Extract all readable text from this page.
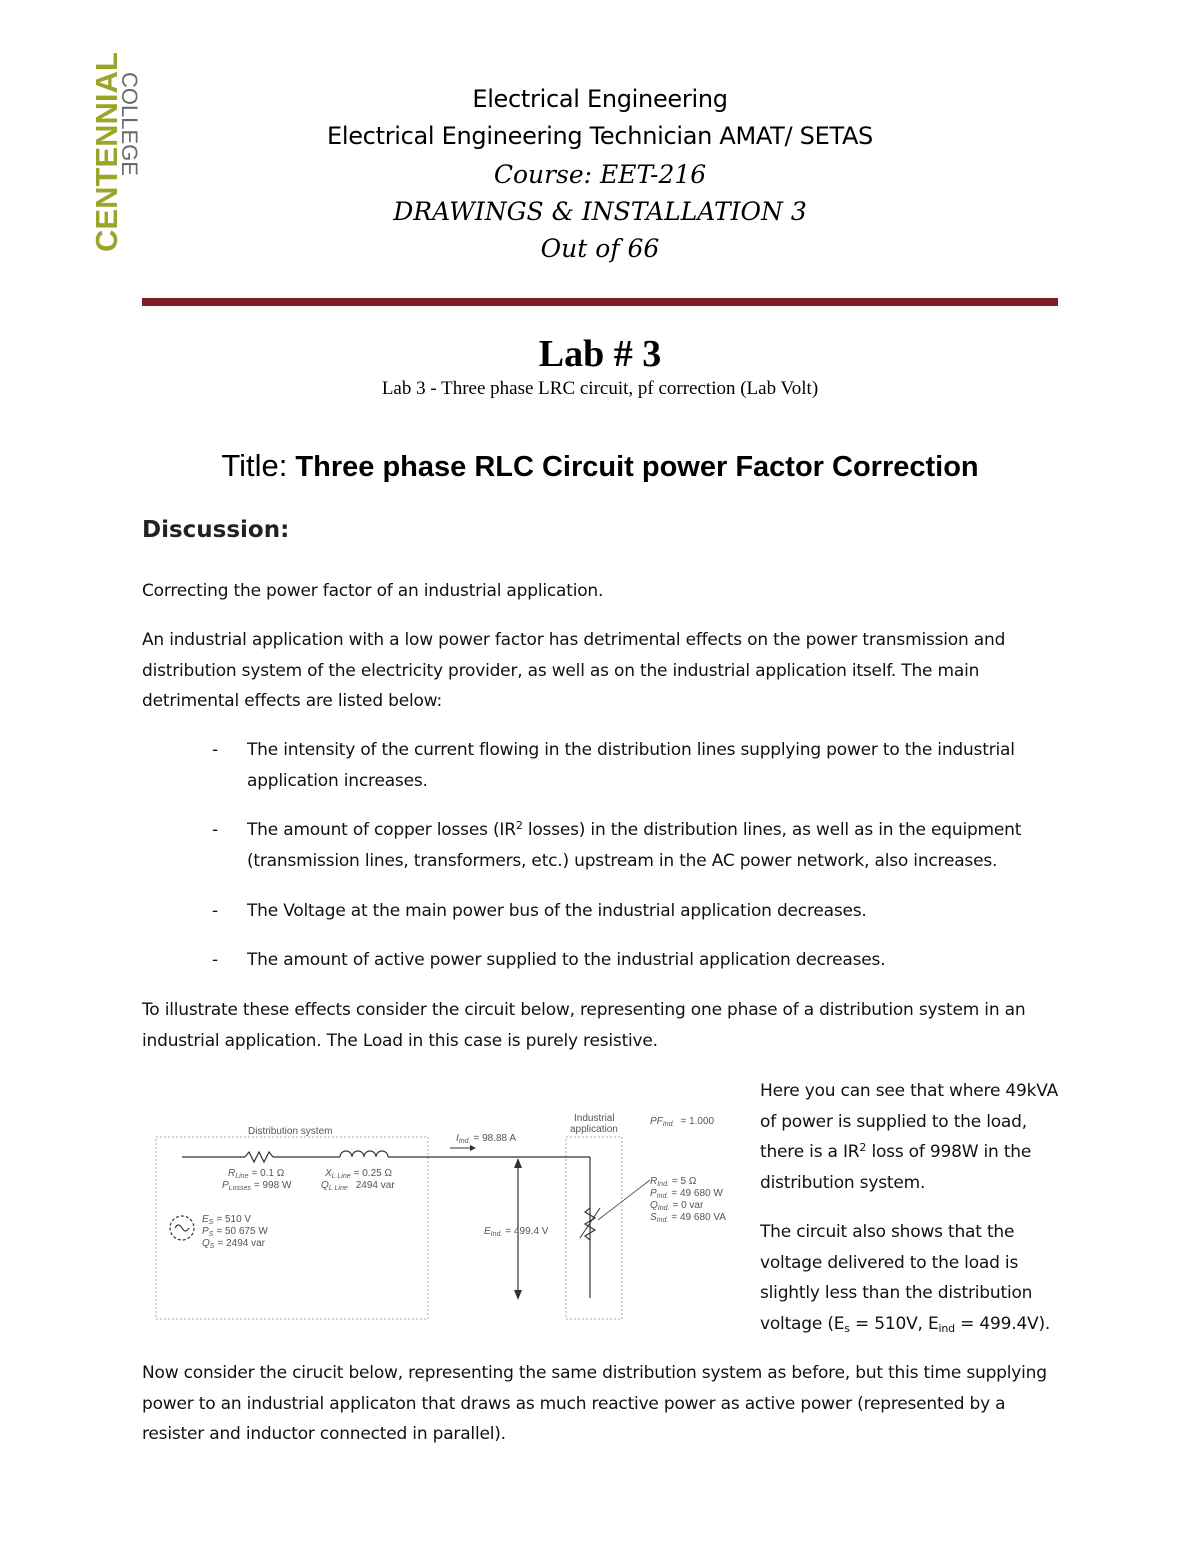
CENTENNIAL
COLLEGE	Electrical Engineering
Electrical Engineering Technician AMAT/ SETAS
Course: EET-216
DRAWINGS & INSTALLATION 3
Out of 66
Lab # 3
Lab 3 - Three phase LRC circuit, pf correction (Lab Volt)
Title: Three phase RLC Circuit power Factor Correction
Discussion:
Correcting the power factor of an industrial application.
An industrial application with a low power factor has detrimental effects on the power transmission and distribution system of the electricity provider, as well as on the industrial application itself. The main detrimental effects are listed below:
- The intensity of the current flowing in the distribution lines supplying power to the industrial application increases.
- The amount of copper losses ($IR^2$ losses) in the distribution lines, as well as in the equipment (transmission lines, transformers, etc.) upstream in the AC power network, also increases.
- The Voltage at the main power bus of the industrial application decreases.
- The amount of active power supplied to the industrial application decreases.
To illustrate these effects consider the circuit below, representing one phase of a distribution system in an industrial application. The Load in this case is purely resistive.
Distribution system
Industrial
application
$PF_{Ind.} = 1.000$
$R_{Line} = 0.1$ Ω
$P_{Losses} = 998$ W
$X_{L Line} = 0.25$ Ω
$Q_{L Line}$ 2494 var
$I_{Ind.} = 98.88$ A
$E_S = 510$ V
$P_S = 50$ 675 W
$Q_S = 2494$ var
$E_{Ind.} = 499.4$ V
$R_{Ind.} = 5$ Ω
$P_{Ind.} = 49$ 680 W
$Q_{Ind.} = 0$ var
$S_{Ind.} = 49$ 680 VA
Here you can see that where 49kVA of power is supplied to the load, there is a $IR^2$ loss of 998W in the distribution system.
The circuit also shows that the voltage delivered to the load is slightly less than the distribution voltage ($E_s = 510V$, $E_{ind} = 499.4V$).
Now consider the cirucit below, representing the same distribution system as before, but this time supplying power to an industrial applicaton that draws as much reactive power as active power (represented by a resister and inductor connected in parallel).
